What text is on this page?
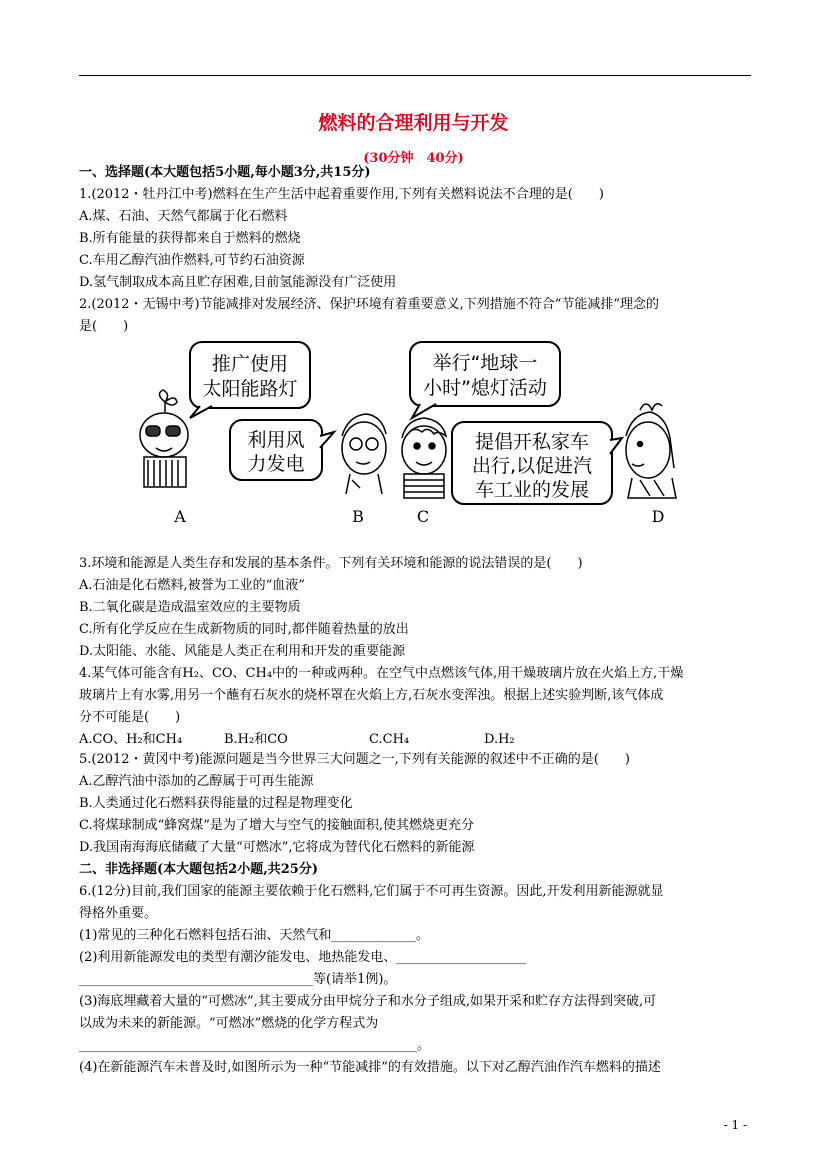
燃料的合理利用与开发
(30分钟　40分)
一、选择题(本大题包括5小题,每小题3分,共15分)
1.(2012・牡丹江中考)燃料在生产生活中起着重要作用,下列有关燃料说法不合理的是(　　)
A.煤、石油、天然气都属于化石燃料
B.所有能量的获得都来自于燃料的燃烧
C.车用乙醇汽油作燃料,可节约石油资源
D.氢气制取成本高且贮存困难,目前氢能源没有广泛使用
2.(2012・无锡中考)节能减排对发展经济、保护环境有着重要意义,下列措施不符合“节能减排”理念的
是(　　)
推广使用
太阳能路灯
利用风
力发电
举行“地球一
小时”熄灯活动
提倡开私家车
出行,以促进汽
车工业的发展
A	B	C	D
3.环境和能源是人类生存和发展的基本条件。下列有关环境和能源的说法错误的是(　　)
A.石油是化石燃料,被誉为工业的“血液”
B.二氧化碳是造成温室效应的主要物质
C.所有化学反应在生成新物质的同时,都伴随着热量的放出
D.太阳能、水能、风能是人类正在利用和开发的重要能源
4.某气体可能含有H₂、CO、CH₄中的一种或两种。在空气中点燃该气体,用干燥玻璃片放在火焰上方,干燥
玻璃片上有水雾,用另一个蘸有石灰水的烧杯罩在火焰上方,石灰水变浑浊。根据上述实验判断,该气体成
分不可能是(　　)
A.CO、H₂和CH₄	B.H₂和CO	C.CH₄	D.H₂
5.(2012・黄冈中考)能源问题是当今世界三大问题之一,下列有关能源的叙述中不正确的是(　　)
A.乙醇汽油中添加的乙醇属于可再生能源
B.人类通过化石燃料获得能量的过程是物理变化
C.将煤球制成“蜂窝煤”是为了增大与空气的接触面积,使其燃烧更充分
D.我国南海海底储藏了大量“可燃冰”,它将成为替代化石燃料的新能源
二、非选择题(本大题包括2小题,共25分)
6.(12分)目前,我们国家的能源主要依赖于化石燃料,它们属于不可再生资源。因此,开发利用新能源就显
得格外重要。
(1)常见的三种化石燃料包括石油、天然气和_____________。
(2)利用新能源发电的类型有潮汐能发电、地热能发电、____________________
____________________________________等(请举1例)。
(3)海底埋藏着大量的“可燃冰”,其主要成分由甲烷分子和水分子组成,如果开采和贮存方法得到突破,可
以成为未来的新能源。“可燃冰”燃烧的化学方程式为
____________________________________________________。
(4)在新能源汽车未普及时,如图所示为一种“节能减排”的有效措施。以下对乙醇汽油作汽车燃料的描述
- 1 -
